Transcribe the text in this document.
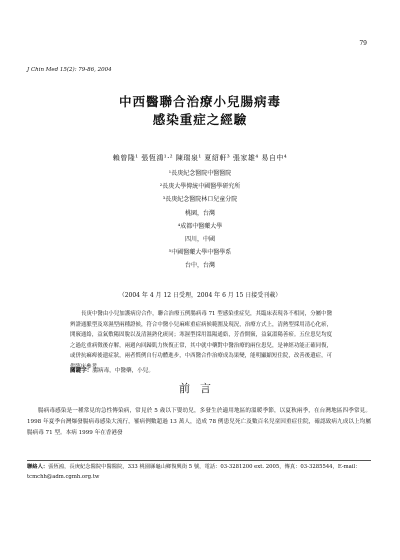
79
J Chin Med 15(2): 79-86, 2004
中西醫聯合治療小兒腸病毒
感染重症之經驗
賴曾隆¹ 張恆鴻¹·² 陳瑞泉¹ 夏紹軒³ 張家雄⁴ 易自中⁴
¹長庚紀念醫院中醫醫院
²長庚大學傳統中國醫學研究所
³長庚紀念醫院林口兒童分院
桃園，台灣
⁴成都中醫藥大學
四川，中國
⁵中國醫藥大學中醫學系
台中，台灣
（2004 年 4 月 12 日受理，2004 年 6 月 15 日接受刊載）
長庚中醫由小兒加護病房合作，聯合治療五例腸病毒 71 型感染重症兒，其臨床表現各不相同，分屬中醫辨證通脈型及寒濕型兩種證候，符合中醫小兒麻痺重症病候範圍及現況，治療方式上，清熱型採用清心化瘀，開竅通絡，益氣敷陽固脫以及清濕熟化痰同；寒濕型採用溫陽通絡，芳香開竅，益氣溫陽善瘀。五位患兒均度之過危重病徵後存解，兩週內回歸肌力恢復正常，其中就中藥對中醫治療的兩位患兒，是神經功能正確同復，或併抗痲痺後遺症狀，兩者慣例自行功體進步，中西醫合作治療成為果變，能明顯縮短住院，改善後遺症，可供臨床參考。
關鍵字：腸病毒，中醫藥，小兒。
前言
腸病毒感染是一種常見的急性傳染病，常見於 5 歲以下嬰幼兒，多發生於適用地區的溫暖季節，以夏秋兩季，在台灣地區四季常見。1998 年夏季台灣爆發腸病毒感染大流行，罹病例數超過 13 萬人，造成 78 例患兒死亡及數百名兒童因重症住院，確認致病九成以上均屬腸病毒 71 型。本病 1999 年在香港發
聯絡人：張恆鴻，長庚紀念醫院中醫醫院，333 桃園縣龜山鄉復興街 5 號，電話：03-3281200 ext. 2005，傳真：03-3285544，E-mail：tcmchh@adm.cgmh.org.tw
